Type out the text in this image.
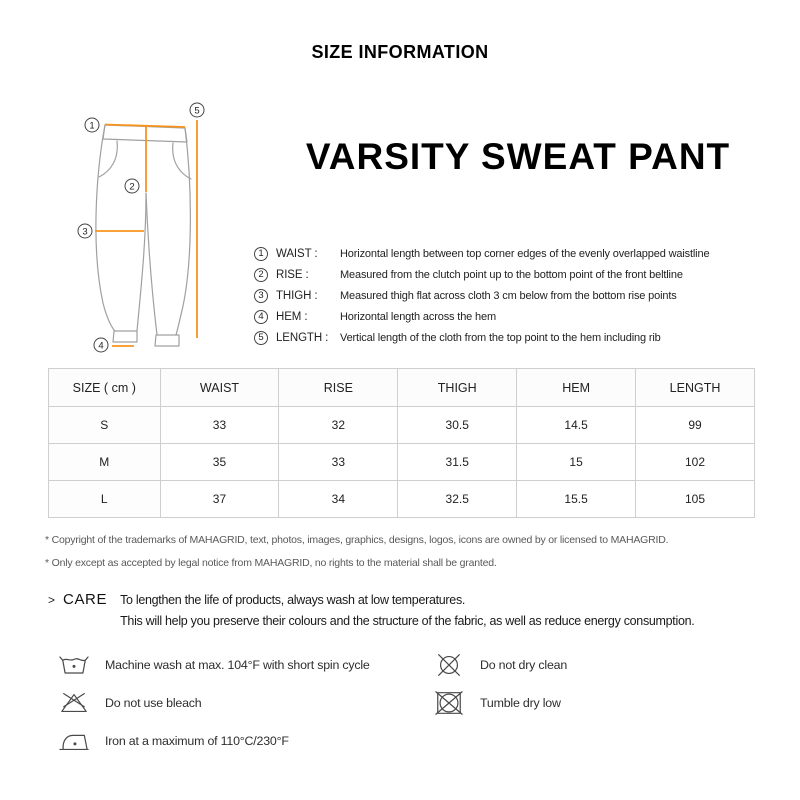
SIZE INFORMATION
1
2
3
4
5
VARSITY SWEAT PANT
1	WAIST :	Horizontal length between top corner edges of the evenly overlapped waistline
2	RISE :	Measured from the clutch point up to the bottom point of the front beltline
3	THIGH :	Measured thigh flat across cloth 3 cm below from the bottom rise points
4	HEM :	Horizontal length across the hem
5	LENGTH :	Vertical length of the cloth from the top point to the hem including rib
SIZE ( cm )	WAIST	RISE	THIGH	HEM	LENGTH
S	33	32	30.5	14.5	99
M	35	33	31.5	15	102
L	37	34	32.5	15.5	105
* Copyright of the trademarks of MAHAGRID, text, photos, images, graphics, designs, logos, icons are owned by or licensed to MAHAGRID.
* Only except as accepted by legal notice from MAHAGRID, no rights to the material shall be granted.
> CARE To lengthen the life of products, always wash at low temperatures.
This will help you preserve their colours and the structure of the fabric, as well as reduce energy consumption.
Machine wash at max. 104°F with short spin cycle
Do not use bleach
Iron at a maximum of 110°C/230°F
Do not dry clean
Tumble dry low
